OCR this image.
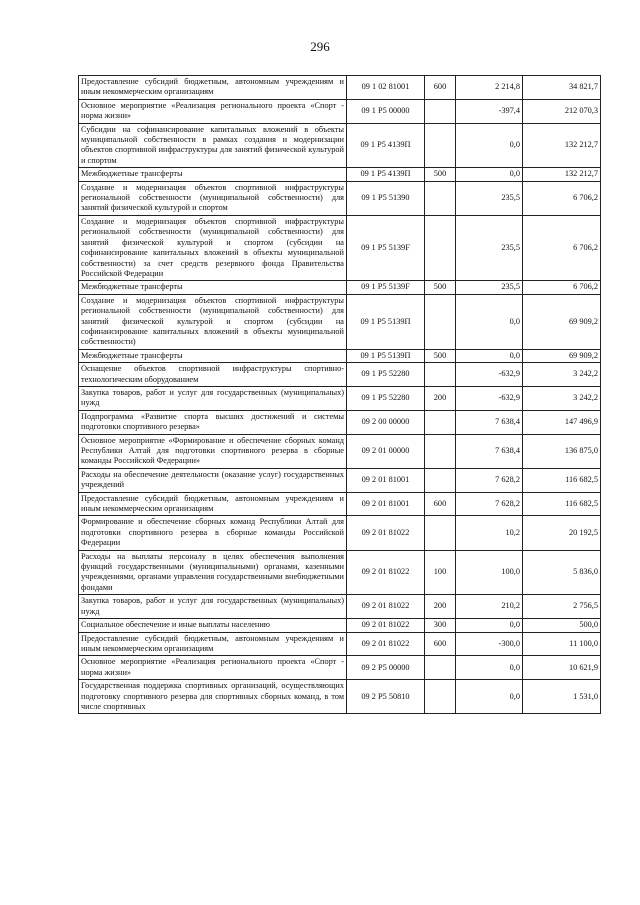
296
Предоставление субсидий бюджетным, автономным учреждениям и иным некоммерческим организациям	09 1 02 81001	600	2 214,8	34 821,7
Основное мероприятие «Реализация регионального проекта «Спорт - норма жизни»	09 1 P5 00000		-397,4	212 070,3
Субсидии на софинансирование капитальных вложений в объекты муниципальной собственности в рамках создания и модернизации объектов спортивной инфраструктуры для занятий физической культурой и спортом	09 1 P5 4139П		0,0	132 212,7
Межбюджетные трансферты	09 1 P5 4139П	500	0,0	132 212,7
Создание и модернизация объектов спортивной инфраструктуры региональной собственности (муниципальной собственности) для занятий физической культурой и спортом	09 1 P5 51390		235,5	6 706,2
Создание и модернизация объектов спортивной инфраструктуры региональной собственности (муниципальной собственности) для занятий физической культурой и спортом (субсидии на софинансирование капитальных вложений в объекты муниципальной собственности) за счет средств резервного фонда Правительства Российской Федерации	09 1 P5 5139F		235,5	6 706,2
Межбюджетные трансферты	09 1 P5 5139F	500	235,5	6 706,2
Создание и модернизация объектов спортивной инфраструктуры региональной собственности (муниципальной собственности) для занятий физической культурой и спортом (субсидии на софинансирование капитальных вложений в объекты муниципальной собственности)	09 1 P5 5139П		0,0	69 909,2
Межбюджетные трансферты	09 1 P5 5139П	500	0,0	69 909,2
Оснащение объектов спортивной инфраструктуры спортивно-технологическим оборудованием	09 1 P5 52280		-632,9	3 242,2
Закупка товаров, работ и услуг для государственных (муниципальных) нужд	09 1 P5 52280	200	-632,9	3 242,2
Подпрограмма «Развитие спорта высших достижений и системы подготовки спортивного резерва»	09 2 00 00000		7 638,4	147 496,9
Основное мероприятие «Формирование и обеспечение сборных команд Республики Алтай для подготовки спортивного резерва в сборные команды Российской Федерации»	09 2 01 00000		7 638,4	136 875,0
Расходы на обеспечение деятельности (оказание услуг) государственных учреждений	09 2 01 81001		7 628,2	116 682,5
Предоставление субсидий бюджетным, автономным учреждениям и иным некоммерческим организациям	09 2 01 81001	600	7 628,2	116 682,5
Формирование и обеспечение сборных команд Республики Алтай для подготовки спортивного резерва в сборные команды Российской Федерации	09 2 01 81022		10,2	20 192,5
Расходы на выплаты персоналу в целях обеспечения выполнения функций государственными (муниципальными) органами, казенными учреждениями, органами управления государственными внебюджетными фондами	09 2 01 81022	100	100,0	5 836,0
Закупка товаров, работ и услуг для государственных (муниципальных) нужд	09 2 01 81022	200	210,2	2 756,5
Социальное обеспечение и иные выплаты населению	09 2 01 81022	300	0,0	500,0
Предоставление субсидий бюджетным, автономным учреждениям и иным некоммерческим организациям	09 2 01 81022	600	-300,0	11 100,0
Основное мероприятие «Реализация регионального проекта «Спорт - норма жизни»	09 2 P5 00000		0,0	10 621,9
Государственная поддержка спортивных организаций, осуществляющих подготовку спортивного резерва для спортивных сборных команд, в том числе спортивных	09 2 P5 50810		0,0	1 531,0
